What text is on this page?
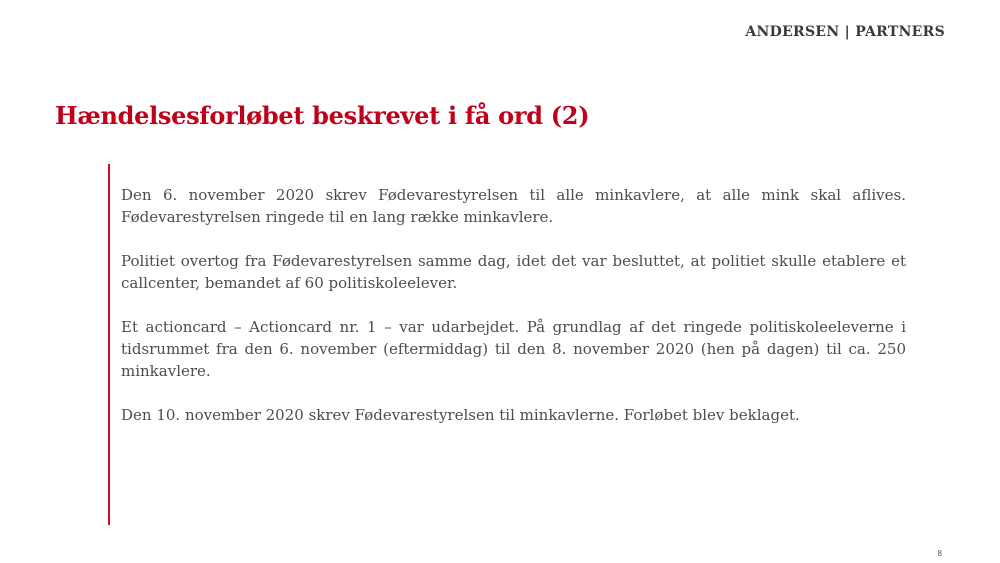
ANDERSEN | PARTNERS
Hændelsesforløbet beskrevet i få ord (2)

Den 6. november 2020 skrev Fødevarestyrelsen til alle minkavlere, at alle mink skal aflives. Fødevarestyrelsen ringede til en lang række minkavlere.

Politiet overtog fra Fødevarestyrelsen samme dag, idet det var besluttet, at politiet skulle etablere et callcenter, bemandet af 60 politiskoleelever.

Et actioncard – Actioncard nr. 1 – var udarbejdet. På grundlag af det ringede politiskoleeleverne i tidsrummet fra den 6. november (eftermiddag) til den 8. november 2020 (hen på dagen) til ca. 250 minkavlere.

Den 10. november 2020 skrev Fødevarestyrelsen til minkavlerne. Forløbet blev beklaget.

8
